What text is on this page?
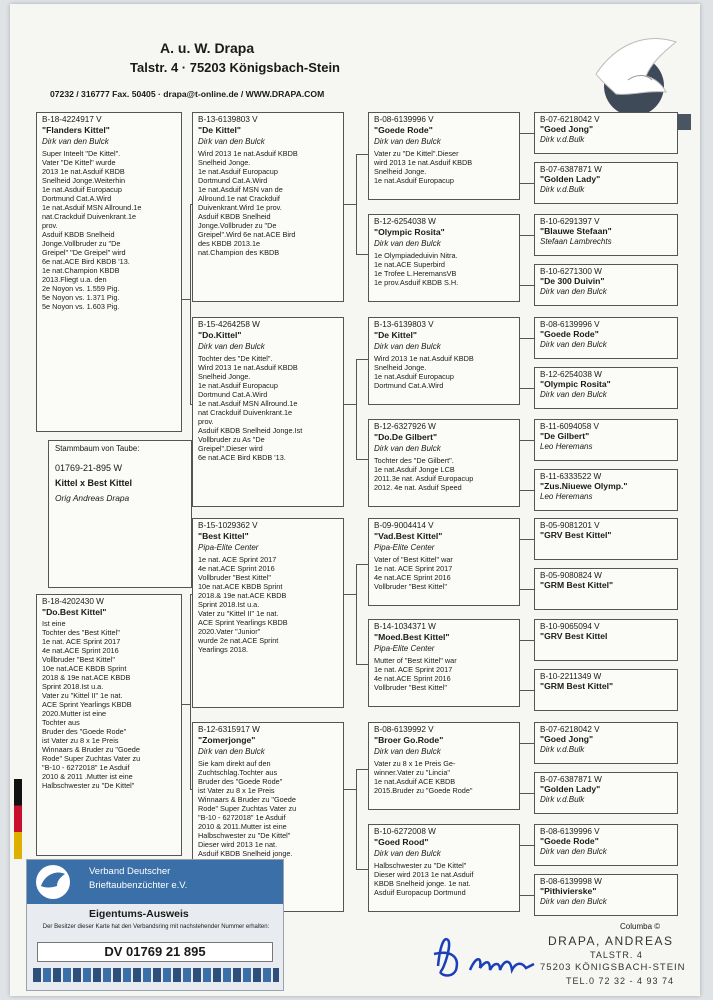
A. u. W. Drapa
Talstr. 4 · 75203 Königsbach-Stein
07232 / 316777 Fax. 50405 · drapa@t-online.de / WWW.DRAPA.COM
B-18-4224917 V
"Flanders Kittel"
Dirk van den Bulck
Super Inteelt "De Kittel".
Vater "De Kittel" wurde
2013 1e nat.Asduif KBDB
Snelheid Jonge.Weiterhin
1e nat.Asduif Europacup
Dortmund Cat.A.Wird
1e nat.Asduif MSN Allround.1e
nat.Crackduif Duivenkrant.1e
prov.
Asduif KBDB Snelheid
Jonge.Vollbruder zu "De
Greipel" "De Greipel" wird
6e nat.ACE Bird KBDB '13.
1e nat.Champion KBDB
2013.Fliegt u.a. den
2e Noyon vs. 1.559 Pig.
5e Noyon vs. 1.371 Pig.
5e Noyon vs. 1.603 Pig.
Stammbaum von Taube:
01769-21-895 W
Kittel x Best Kittel
Orig Andreas Drapa
B-18-4202430 W
"Do.Best Kittel"
Ist eine
Tochter des "Best Kittel"
1e nat. ACE Sprint 2017
4e nat.ACE Sprint 2016
Vollbruder "Best Kittel"
10e nat.ACE KBDB Sprint
2018 & 19e nat.ACE KBDB
Sprint 2018.Ist u.a.
Vater zu "Kittel II" 1e nat.
ACE Sprint Yearlings KBDB
2020.Mutter ist eine
Tochter aus
Bruder des "Goede Rode"
ist Vater zu 8 x 1e Preis
Winnaars & Bruder zu "Goede
Rode" Super Zuchtas Vater zu
"B-10 - 6272018" 1e Asduif
2010 & 2011 .Mutter ist eine
Halbschwester zu "De Kittel"
B-13-6139803 V
"De Kittel"
Dirk van den Bulck
Wird 2013 1e nat.Asduif KBDB
Snelheid Jonge.
1e nat.Asduif Europacup
Dortmund Cat.A.Wird
1e nat.Asduif MSN van de
Allround.1e nat Crackduif
Duivenkrant.Wird 1e prov.
Asduif KBDB Snelheid
Jonge.Vollbruder zu "De
Greipel".Wird 6e nat.ACE Bird
des KBDB 2013.1e
nat.Champion des KBDB
B-15-4264258 W
"Do.Kittel"
Dirk van den Bulck
Tochter des "De Kittel".
Wird 2013 1e nat.Asduif KBDB
Snelheid Jonge.
1e nat.Asduif Europacup
Dortmund Cat.A.Wird
1e nat.Asduif MSN Allround.1e
nat Crackduif Duivenkrant.1e
prov.
Asduif KBDB Snelheid Jonge.Ist
Vollbruder zu As "De
Greipel".Dieser wird
6e nat.ACE Bird KBDB '13.
B-15-1029362 V
"Best Kittel"
Pipa-Elite Center
1e nat. ACE Sprint 2017
4e nat.ACE Sprint 2016
Vollbruder "Best Kittel"
10e nat.ACE KBDB Sprint
2018.& 19e nat.ACE KBDB
Sprint 2018.Ist u.a.
Vater zu "Kittel II" 1e nat.
ACE Sprint Yearlings KBDB
2020.Vater "Junior"
wurde 2e nat.ACE Sprint
Yearlings 2018.
B-12-6315917 W
"Zomerjonge"
Dirk van den Bulck
Sie kam direkt auf den
Zuchtschlag.Tochter aus
Bruder des "Goede Rode"
ist Vater zu 8 x 1e Preis
Winnaars & Bruder zu "Goede
Rode" Super Zuchtas Vater zu
"B-10 - 6272018" 1e Asduif
2010 & 2011.Mutter ist eine
Halbschwester zu "De Kittel"
Dieser wird 2013 1e nat.
Asduif KBDB Snelheid jonge.
B-08-6139996 V
"Goede Rode"
Dirk van den Bulck
Vater zu "De Kittel".Dieser
wird 2013 1e nat.Asduif KBDB
Snelheid Jonge.
1e nat.Asduif Europacup
B-12-6254038 W
"Olympic Rosita"
Dirk van den Bulck
1e Olympiadeduivin Nitra.
1e nat.ACE Superbird
1e Trofee L.HeremansVB
1e prov.Asduif KBDB S.H.
B-13-6139803 V
"De Kittel"
Dirk van den Bulck
Wird 2013 1e nat.Asduif KBDB
Snelheid Jonge.
1e nat.Asduif Europacup
Dortmund Cat.A.Wird
B-12-6327926 W
"Do.De Gilbert"
Dirk van den Bulck
Tochter des "De Gilbert".
1e nat.Asduif Jonge LCB
2011.3e nat. Asduif Europacup
2012. 4e nat. Asduif Speed
B-09-9004414 V
"Vad.Best Kittel"
Pipa-Elite Center
Vater of "Best Kittel" war
1e nat. ACE Sprint 2017
4e nat.ACE Sprint 2016
Vollbruder "Best Kittel"
B-14-1034371 W
"Moed.Best Kittel"
Pipa-Elite Center
Mutter of "Best Kittel" war
1e nat. ACE Sprint 2017
4e nat.ACE Sprint 2016
Vollbruder "Best Kittel"
B-08-6139992 V
"Broer Go.Rode"
Dirk van den Bulck
Vater zu 8 x 1e Preis Ge-
winner.Vater zu "Lincia"
1e nat.Asduif ACE KBDB
2015.Bruder zu "Goede Rode"
B-10-6272008 W
"Goed Rood"
Dirk van den Bulck
Halbschwester zu "De Kittel"
Dieser wird 2013 1e nat.Asduif
KBDB Snelheid jonge. 1e nat.
Asduif Europacup Dortmund
B-07-6218042 V
"Goed Jong"
Dirk v.d.Bulk
B-07-6387871 W
"Golden Lady"
Dirk v.d.Bulk
B-10-6291397 V
"Blauwe Stefaan"
Stefaan Lambrechts
B-10-6271300 W
"De 300 Duivin"
Dirk van den Bulck
B-08-6139996 V
"Goede Rode"
Dirk van den Bulck
B-12-6254038 W
"Olympic Rosita"
Dirk van den Bulck
B-11-6094058 V
"De Gilbert"
Leo Heremans
B-11-6333522 W
"Zus.Niuewe Olymp."
Leo Heremans
B-05-9081201 V
"GRV Best Kittel"
B-05-9080824 W
"GRM Best Kittel"
B-10-9065094 V
"GRV Best Kittel
B-10-2211349 W
"GRM Best Kittel"
B-07-6218042 V
"Goed Jong"
Dirk v.d.Bulk
B-07-6387871 W
"Golden Lady"
Dirk v.d.Bulk
B-08-6139996 V
"Goede Rode"
Dirk van den Bulck
B-08-6139998 W
"Pithivierske"
Dirk van den Bulck
Verband Deutscher
Brieftaubenzüchter e.V.
Eigentums-Ausweis
Der Besitzer dieser Karte hat den Verbandsring mit nachstehender Nummer erhalten:
DV 01769 21 895
Columba ©
DRAPA, ANDREAS
TALSTR. 4
75203 KÖNIGSBACH-STEIN
TEL.0 72 32 - 4 93 74
